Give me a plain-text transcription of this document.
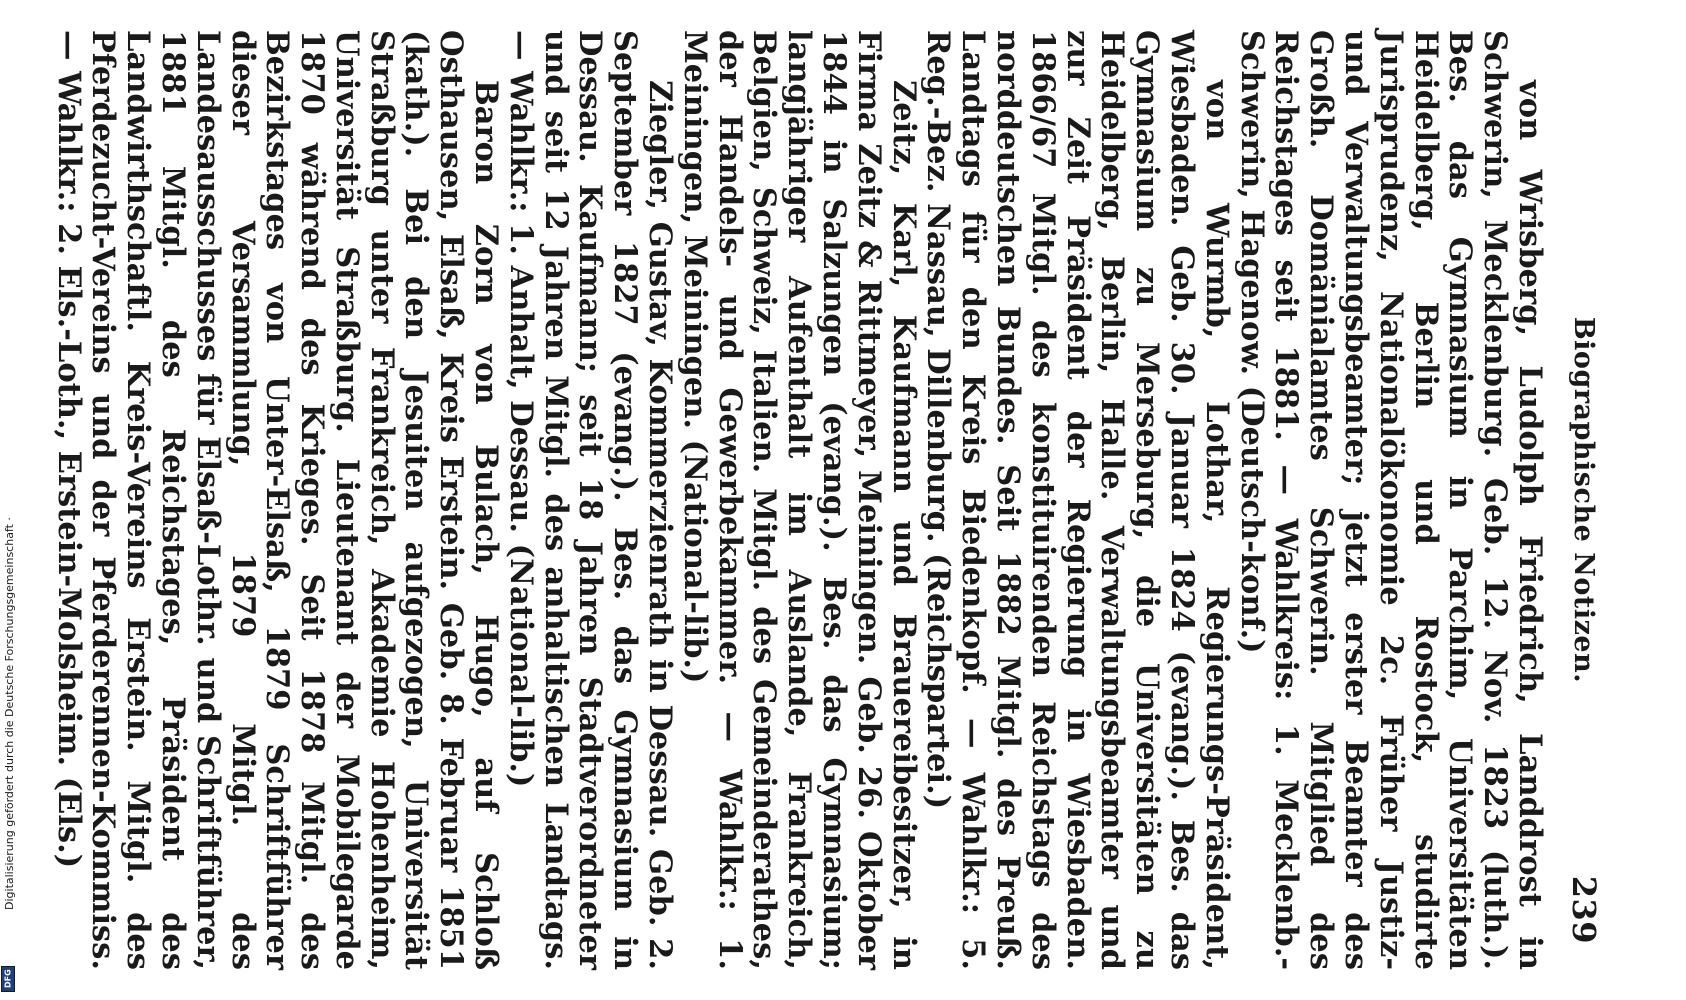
Biographische Notizen.
239

von Wrisberg, Ludolph Friedrich, Landdrost in Schwerin, Mecklenburg. Geb. 12. Nov. 1823 (luth.). Bes. das Gymnasium in Parchim, Universitäten Heidelberg, Berlin und Rostock, studirte Jurisprudenz, Nationalökonomie 2c. Früher Justiz- und Verwaltungsbeamter; jetzt erster Beamter des Großh. Domänialamtes Schwerin. Mitglied des Reichstages seit 1881. — Wahlkreis: 1. Mecklenb.-Schwerin, Hagenow. (Deutsch-konf.)

von Wurmb, Lothar, Regierungs-Präsident, Wiesbaden. Geb. 30. Januar 1824 (evang.). Bes. das Gymnasium zu Merseburg, die Universitäten zu Heidelberg, Berlin, Halle. Verwaltungsbeamter und zur Zeit Präsident der Regierung in Wiesbaden. 1866/67 Mitgl. des konstituirenden Reichstags des norddeutschen Bundes. Seit 1882 Mitgl. des Preuß. Landtags für den Kreis Biedenkopf. — Wahlkr.: 5. Reg.-Bez. Nassau, Dillenburg. (Reichspartei.)

Zeitz, Karl, Kaufmann und Brauereibesitzer, in Firma Zeitz & Rittmeyer, Meiningen. Geb. 26. Oktober 1844 in Salzungen (evang.). Bes. das Gymnasium; langjähriger Aufenthalt im Auslande, Frankreich, Belgien, Schweiz, Italien. Mitgl. des Gemeinderathes, der Handels- und Gewerbekammer. — Wahlkr.: 1. Meiningen, Meiningen. (National-lib.)

Ziegler, Gustav, Kommerzienrath in Dessau. Geb. 2. September 1827 (evang.). Bes. das Gymnasium in Dessau. Kaufmann; seit 18 Jahren Stadtverordneter und seit 12 Jahren Mitgl. des anhaltischen Landtags. — Wahlkr.: 1. Anhalt, Dessau. (National-lib.)

Baron Zorn von Bulach, Hugo, auf Schloß Osthausen, Elsaß, Kreis Erstein. Geb. 8. Februar 1851 (kath.). Bei den Jesuiten aufgezogen, Universität Straßburg unter Frankreich, Akademie Hohenheim, Universität Straßburg. Lieutenant der Mobilegarde 1870 während des Krieges. Seit 1878 Mitgl. des Bezirkstages von Unter-Elsaß, 1879 Schriftführer dieser Versammlung, 1879 Mitgl. des Landesausschusses für Elsaß-Lothr. und Schriftführer, 1881 Mitgl. des Reichstages, Präsident des Landwirthschaftl. Kreis-Vereins Erstein. Mitgl. des Pferdezucht-Vereins und der Pferderennen-Kommiss. — Wahlkr.: 2. Els.-Loth., Erstein-Molsheim. (Els.)

Digitalisierung gefördert durch die Deutsche Forschungsgemeinschaft ·
DFG
